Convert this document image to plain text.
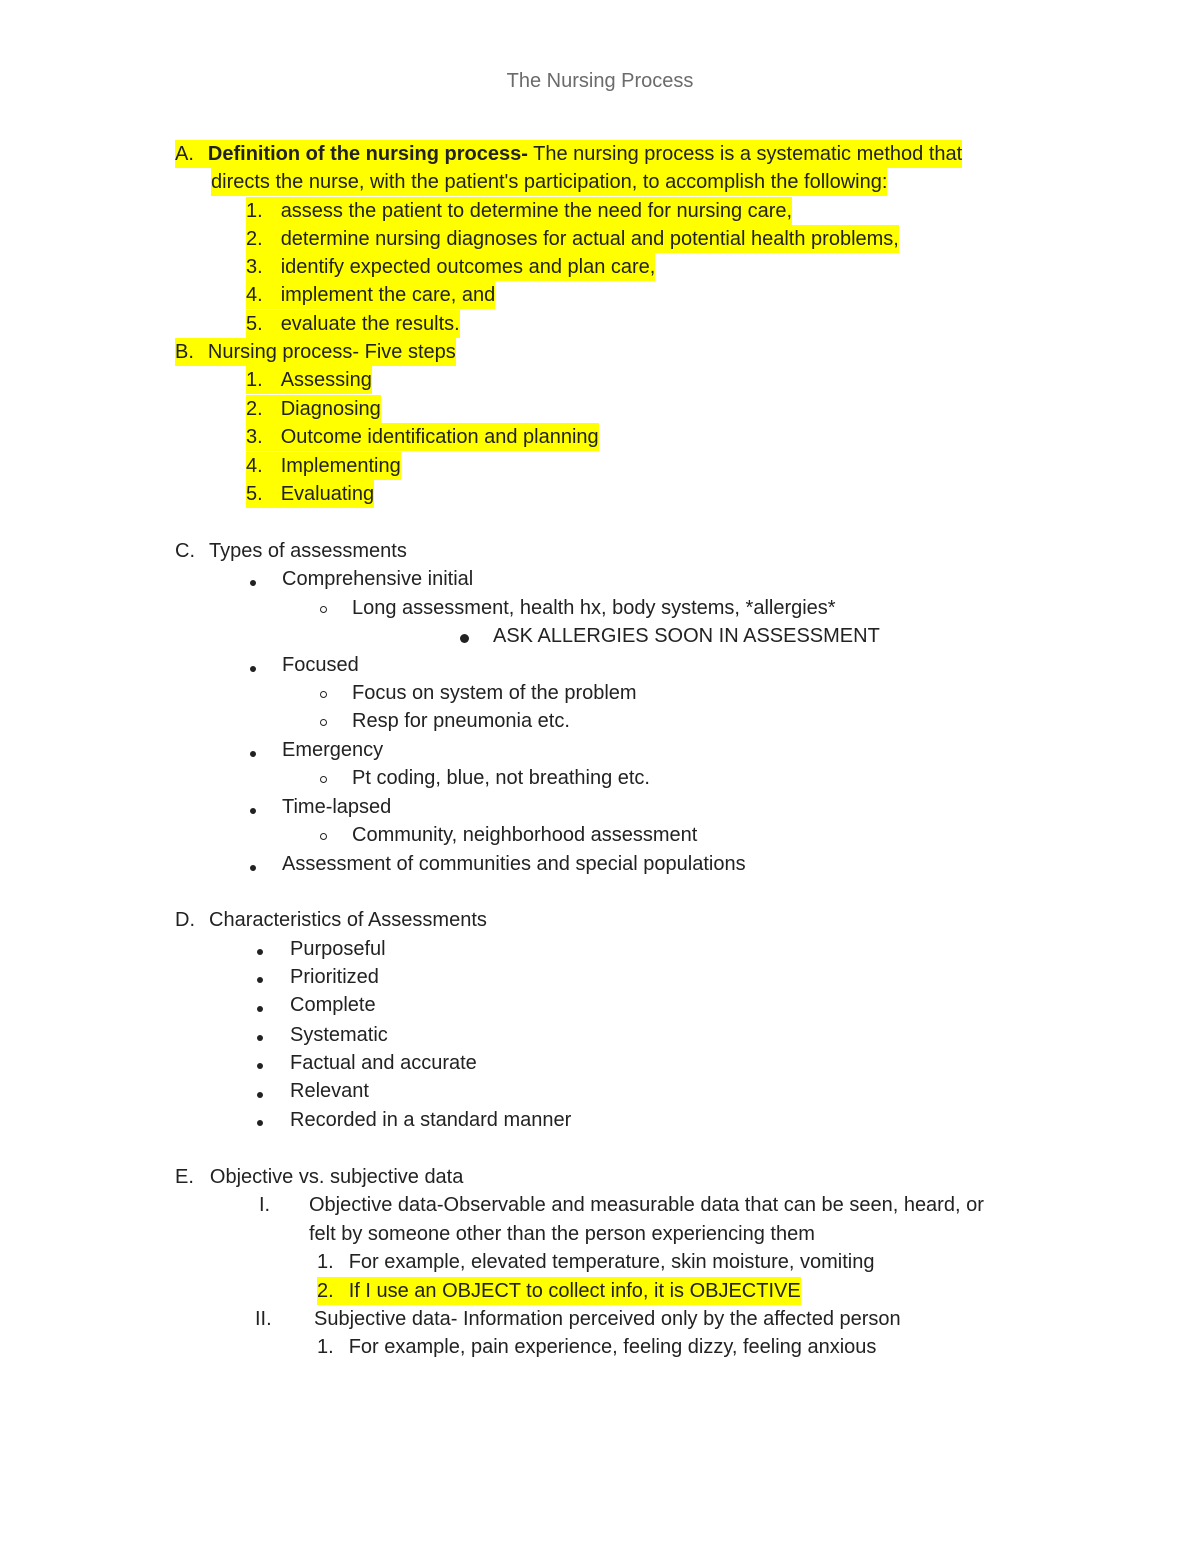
The Nursing Process
A. Definition of the nursing process- The nursing process is a systematic method that
directs the nurse, with the patient's participation, to accomplish the following:
1. assess the patient to determine the need for nursing care,
2. determine nursing diagnoses for actual and potential health problems,
3. identify expected outcomes and plan care,
4. implement the care, and
5. evaluate the results.
B. Nursing process- Five steps
1. Assessing
2. Diagnosing
3. Outcome identification and planning
4. Implementing
5. Evaluating
C. Types of assessments
Comprehensive initial
Long assessment, health hx, body systems, *allergies*
ASK ALLERGIES SOON IN ASSESSMENT
Focused
Focus on system of the problem
Resp for pneumonia etc.
Emergency
Pt coding, blue, not breathing etc.
Time-lapsed
Community, neighborhood assessment
Assessment of communities and special populations
D. Characteristics of Assessments
Purposeful
Prioritized
Complete
Systematic
Factual and accurate
Relevant
Recorded in a standard manner
E. Objective vs. subjective data
I. Objective data-Observable and measurable data that can be seen, heard, or
felt by someone other than the person experiencing them
1. For example, elevated temperature, skin moisture, vomiting
2. If I use an OBJECT to collect info, it is OBJECTIVE
II. Subjective data- Information perceived only by the affected person
1. For example, pain experience, feeling dizzy, feeling anxious
